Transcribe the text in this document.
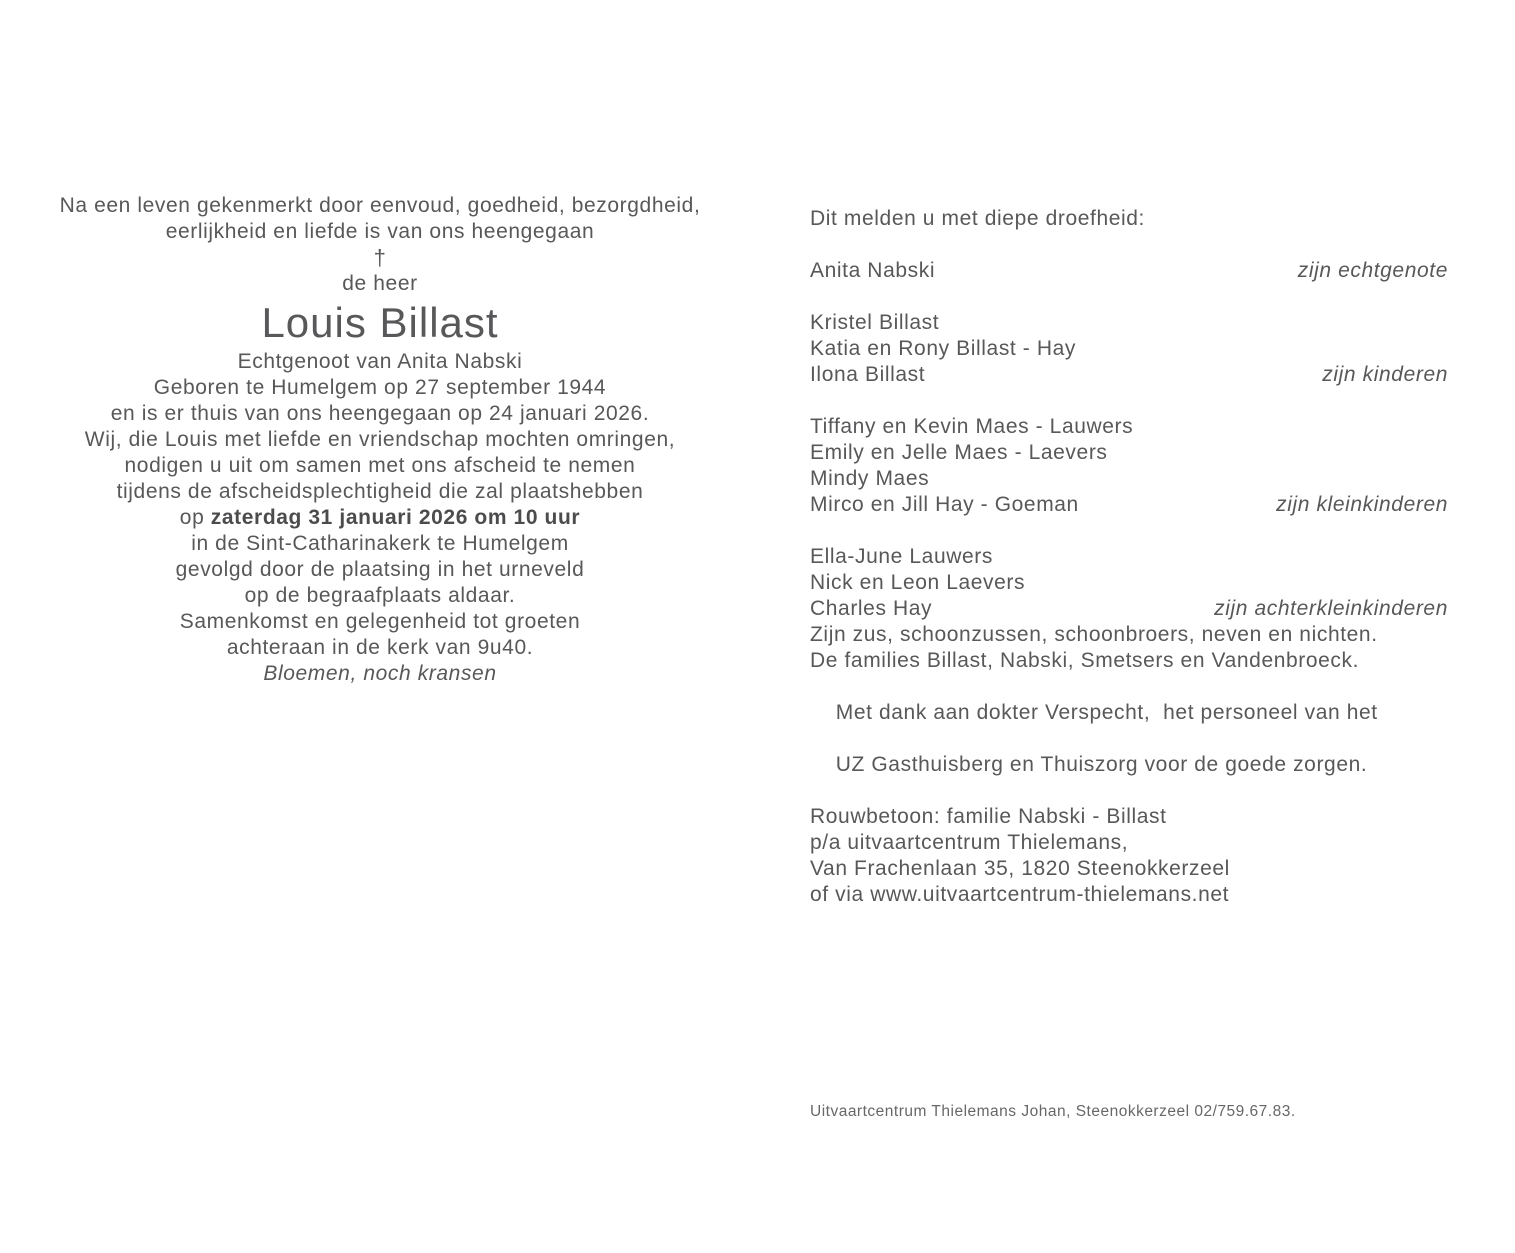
Na een leven gekenmerkt door eenvoud, goedheid, bezorgdheid,
eerlijkheid en liefde is van ons heengegaan

†
de heer
Louis Billast
Echtgenoot van Anita Nabski

Geboren te Humelgem op 27 september 1944
en is er thuis van ons heengegaan op 24 januari 2026.

Wij, die Louis met liefde en vriendschap mochten omringen,
nodigen u uit om samen met ons afscheid te nemen
tijdens de afscheidsplechtigheid die zal plaatshebben
op zaterdag 31 januari 2026 om 10 uur
in de Sint-Catharinakerk te Humelgem
gevolgd door de plaatsing in het urneveld
op de begraafplaats aldaar.

Samenkomst en gelegenheid tot groeten
achteraan in de kerk van 9u40.

Bloemen, noch kransen
Dit melden u met diepe droefheid:
Anita Nabski	zijn echtgenote
Kristel Billast
Katia en Rony Billast - Hay
Ilona Billast	zijn kinderen
Tiffany en Kevin Maes - Lauwers
Emily en Jelle Maes - Laevers
Mindy Maes
Mirco en Jill Hay - Goeman	zijn kleinkinderen
Ella-June Lauwers
Nick en Leon Laevers
Charles Hay	zijn achterkleinkinderen
Zijn zus, schoonzussen, schoonbroers, neven en nichten.
De families Billast, Nabski, Smetsers en Vandenbroeck.

Met dank aan dokter Verspecht,  het personeel van het

UZ Gasthuisberg en Thuiszorg voor de goede zorgen.

Rouwbetoon: familie Nabski - Billast
p/a uitvaartcentrum Thielemans,
Van Frachenlaan 35, 1820 Steenokkerzeel
of via www.uitvaartcentrum-thielemans.net

Uitvaartcentrum Thielemans Johan, Steenokkerzeel 02/759.67.83.
